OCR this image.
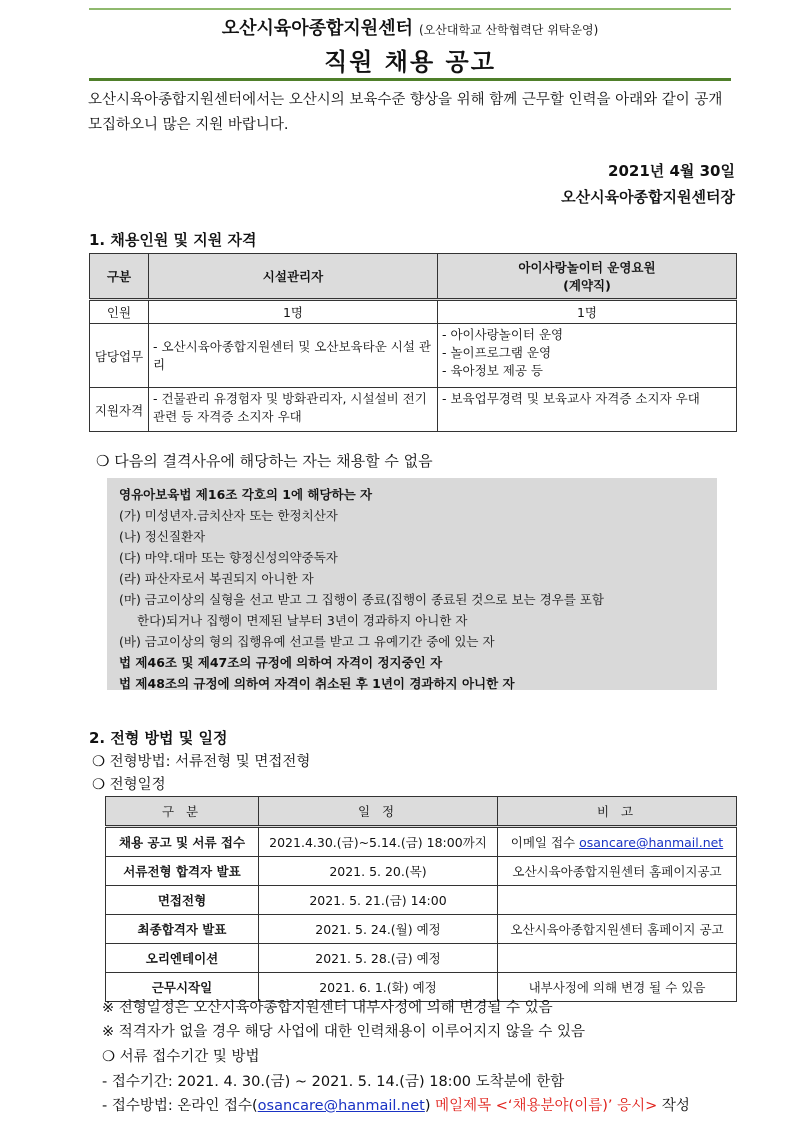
오산시육아종합지원센터 (오산대학교 산학협력단 위탁운영)
직원 채용 공고
오산시육아종합지원센터에서는 오산시의 보육수준 향상을 위해 함께 근무할 인력을 아래와 같이 공개 모집하오니 많은 지원 바랍니다.
2021년 4월 30일
오산시육아종합지원센터장
1. 채용인원 및 지원 자격
구분	시설관리자	아이사랑놀이터 운영요원
(계약직)

인원	1명	1명
담당업무	- 오산시육아종합지원센터 및 오산보육타운 시설 관리	- 아이사랑놀이터 운영
- 놀이프로그램 운영
- 육아정보 제공 등

지원자격	- 건물관리 유경험자 및 방화관리자, 시설설비 전기관련 등 자격증 소지자 우대	- 보육업무경력 및 보육교사 자격증 소지자 우대
❍ 다음의 결격사유에 해당하는 자는 채용할 수 없음
영유아보육법 제16조 각호의 1에 해당하는 자
(가) 미성년자.금치산자 또는 한정치산자
(나) 정신질환자
(다) 마약.대마 또는 향정신성의약중독자
(라) 파산자로서 복권되지 아니한 자
(마) 금고이상의 실형을 선고 받고 그 집행이 종료(집행이 종료된 것으로 보는 경우를 포함
한다)되거나 집행이 면제된 날부터 3년이 경과하지 아니한 자
(바) 금고이상의 형의 집행유예 선고를 받고 그 유예기간 중에 있는 자
법 제46조 및 제47조의 규정에 의하여 자격이 정지중인 자
법 제48조의 규정에 의하여 자격이 취소된 후 1년이 경과하지 아니한 자
2. 전형 방법 및 일정
❍ 전형방법: 서류전형 및 면접전형
❍ 전형일정
구 분	일 정	비 고
채용 공고 및 서류 접수	2021.4.30.(금)~5.14.(금) 18:00까지	이메일 접수 osancare@hanmail.net
서류전형 합격자 발표	2021. 5. 20.(목)	오산시육아종합지원센터 홈페이지공고
면접전형	2021. 5. 21.(금) 14:00	
최종합격자 발표	2021. 5. 24.(월) 예정	오산시육아종합지원센터 홈페이지 공고
오리엔테이션	2021. 5. 28.(금) 예정	
근무시작일	2021. 6. 1.(화) 예정	내부사정에 의해 변경 될 수 있음
※ 전형일정은 오산시육아종합지원센터 내부사정에 의해 변경될 수 있음
※ 적격자가 없을 경우 해당 사업에 대한 인력채용이 이루어지지 않을 수 있음
❍ 서류 접수기간 및 방법
- 접수기간: 2021. 4. 30.(금) ~ 2021. 5. 14.(금) 18:00 도착분에 한함
- 접수방법: 온라인 접수(osancare@hanmail.net) 메일제목 <‘채용분야(이름)’ 응시> 작성
